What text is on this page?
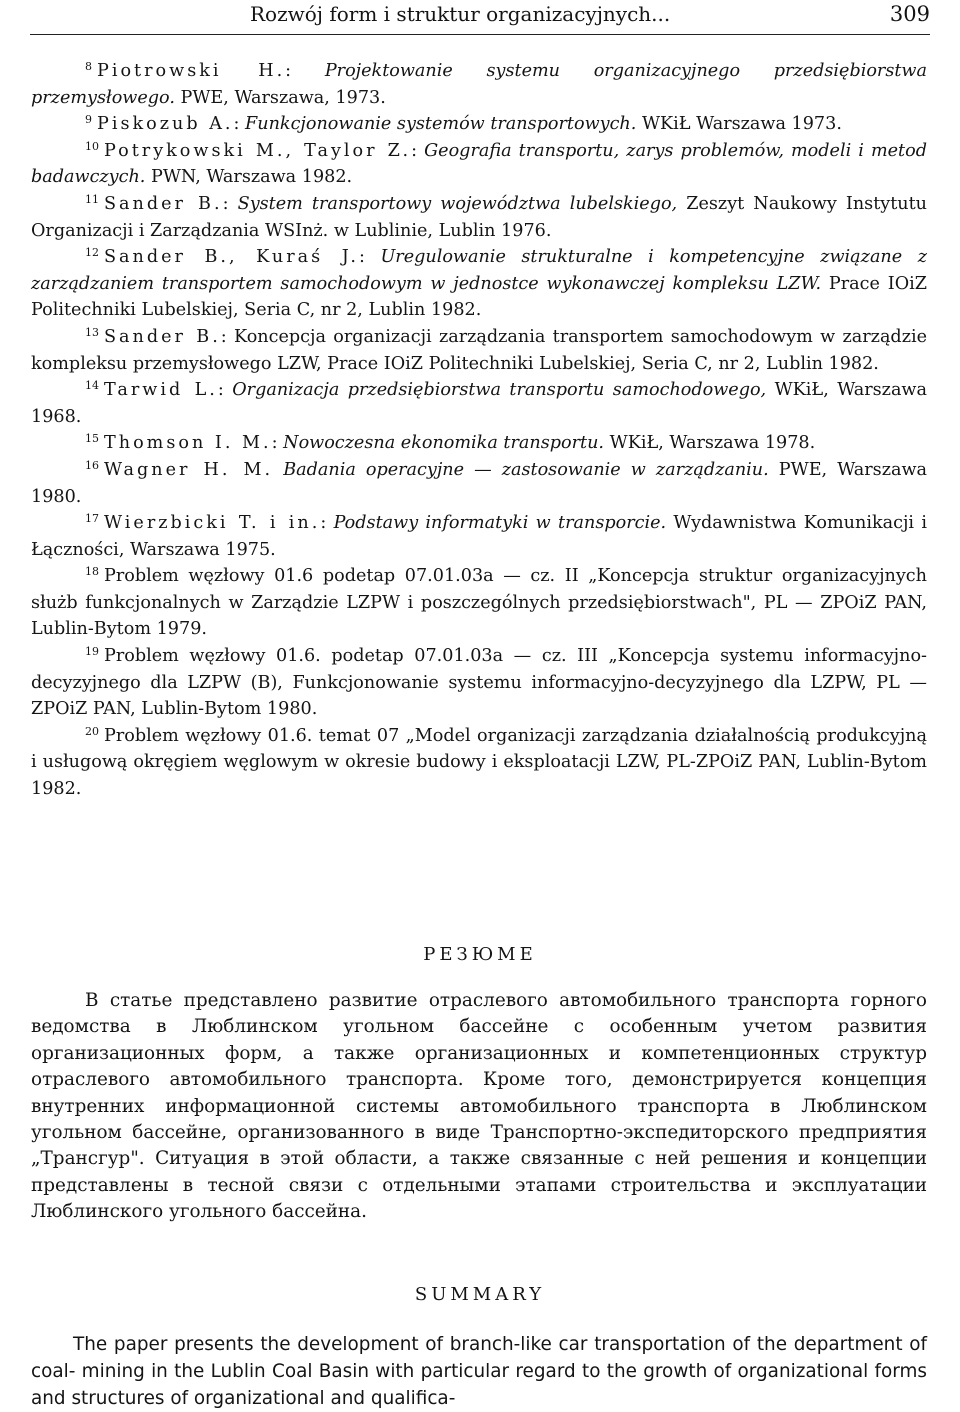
Rozwój form i struktur organizacyjnych...	309

$^8$ Piotrowski H.: Projektowanie systemu organizacyjnego przedsiębiorstwa przemysłowego. PWE, Warszawa, 1973.

$^9$ Piskozub A.: Funkcjonowanie systemów transportowych. WKiŁ Warszawa 1973.

$^{10}$ Potrykowski M., Taylor Z.: Geografia transportu, zarys problemów, modeli i metod badawczych. PWN, Warszawa 1982.

$^{11}$ Sander B.: System transportowy województwa lubelskiego, Zeszyt Naukowy Instytutu Organizacji i Zarządzania WSInż. w Lublinie, Lublin 1976.

$^{12}$ Sander B., Kuraś J.: Uregulowanie strukturalne i kompetencyjne związane z zarządzaniem transportem samochodowym w jednostce wykonawczej kompleksu LZW. Prace IOiZ Politechniki Lubelskiej, Seria C, nr 2, Lublin 1982.

$^{13}$ Sander B.: Koncepcja organizacji zarządzania transportem samochodowym w zarządzie kompleksu przemysłowego LZW, Prace IOiZ Politechniki Lubelskiej, Seria C, nr 2, Lublin 1982.

$^{14}$ Tarwid L.: Organizacja przedsiębiorstwa transportu samochodowego, WKiŁ, Warszawa 1968.

$^{15}$ Thomson I. M.: Nowoczesna ekonomika transportu. WKiŁ, Warszawa 1978.

$^{16}$ Wagner H. M. Badania operacyjne — zastosowanie w zarządzaniu. PWE, Warszawa 1980.

$^{17}$ Wierzbicki T. i in.: Podstawy informatyki w transporcie. Wydawnistwa Komunikacji i Łączności, Warszawa 1975.

$^{18}$ Problem węzłowy 01.6 podetap 07.01.03a — cz. II „Koncepcja struktur organizacyjnych służb funkcjonalnych w Zarządzie LZPW i poszczególnych przedsiębiorstwach", PL — ZPOiZ PAN, Lublin-Bytom 1979.

$^{19}$ Problem węzłowy 01.6. podetap 07.01.03a — cz. III „Koncepcja systemu informacyjno-decyzyjnego dla LZPW (B), Funkcjonowanie systemu informacyjno-decyzyjnego dla LZPW, PL — ZPOiZ PAN, Lublin-Bytom 1980.

$^{20}$ Problem węzłowy 01.6. temat 07 „Model organizacji zarządzania działalnością produkcyjną i usługową okręgiem węglowym w okresie budowy i eksploatacji LZW, PL-ZPOiZ PAN, Lublin-Bytom 1982.

РЕЗЮМЕ

В статье представлено развитие отраслевого автомобильного транспорта горного ведомства в Люблинском угольном бассейне с особенным учетом развития организационных форм, а также организационных и компетенционных структур отраслевого автомобильного транспорта. Кроме того, демонстрируется концепция внутренних информационной системы автомобильного транспорта в Люблинском угольном бассейне, организованного в виде Транспортно-экспедиторского предприятия „Трансгур". Ситуация в этой области, а также связанные с ней решения и концепции представлены в тесной связи с отдельными этапами строительства и эксплуатации Люблинского угольного бассейна.

SUMMARY

The paper presents the development of branch-like car transportation of the department of coal- mining in the Lublin Coal Basin with particular regard to the growth of organizational forms and structures of organizational and qualifica-
